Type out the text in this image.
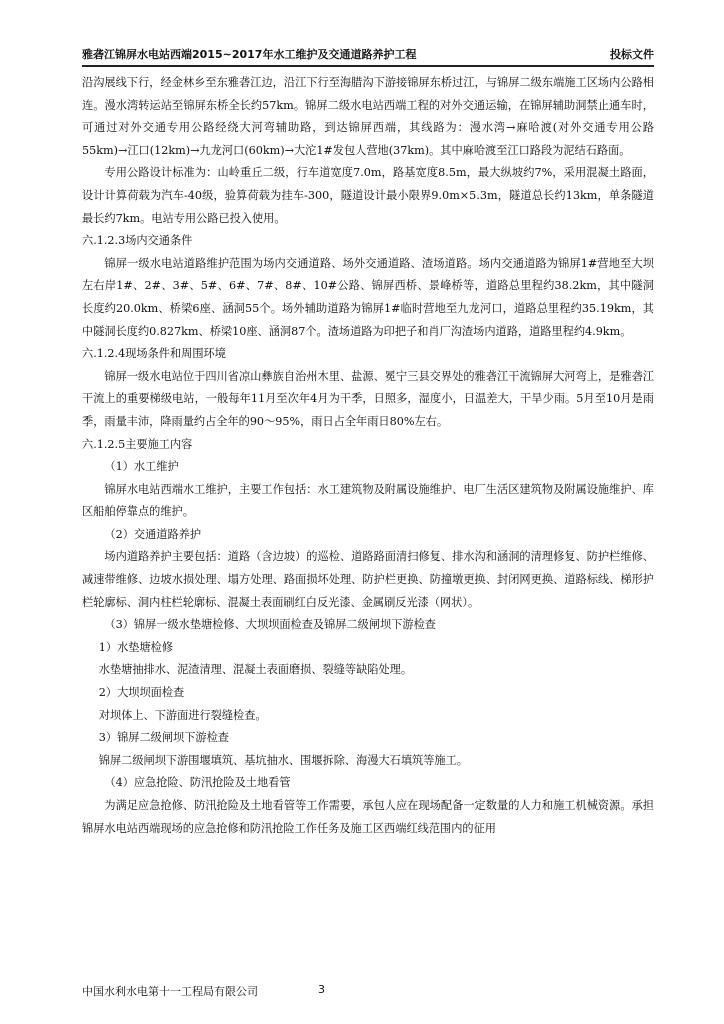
雅砻江锦屏水电站西端2015~2017年水工维护及交通道路养护工程	投标文件

沿沟展线下行，经金林乡至东雅砻江边，沿江下行至海腊沟下游接锦屏东桥过江，与锦屏二级东端施工区场内公路相连。漫水湾转运站至锦屏东桥全长约57km。锦屏二级水电站西端工程的对外交通运输，在锦屏辅助洞禁止通车时，可通过对外交通专用公路经绕大河弯辅助路，到达锦屏西端，其线路为：漫水湾→麻哈渡(对外交通专用公路55km)→江口(12km)→九龙河口(60km)→大沱1#发包人营地(37km)。其中麻哈渡至江口路段为泥结石路面。

专用公路设计标准为：山岭重丘二级，行车道宽度7.0m，路基宽度8.5m，最大纵坡约7%，采用混凝土路面，设计计算荷载为汽车-40级，验算荷载为挂车-300，隧道设计最小限界9.0m×5.3m，隧道总长约13km，单条隧道最长约7km。电站专用公路已投入使用。

六.1.2.3场内交通条件

锦屏一级水电站道路维护范围为场内交通道路、场外交通道路、渣场道路。场内交通道路为锦屏1#营地至大坝左右岸1#、2#、3#、5#、6#、7#、8#、10#公路、锦屏西桥、景峰桥等，道路总里程约38.2km，其中隧洞长度约20.0km、桥梁6座、涵洞55个。场外辅助道路为锦屏1#临时营地至九龙河口，道路总里程约35.19km，其中隧洞长度约0.827km、桥梁10座、涵洞87个。渣场道路为印把子和肖厂沟渣场内道路，道路里程约4.9km。

六.1.2.4现场条件和周围环境

锦屏一级水电站位于四川省凉山彝族自治州木里、盐源、冕宁三县交界处的雅砻江干流锦屏大河弯上，是雅砻江干流上的重要梯级电站，一般每年11月至次年4月为干季，日照多，湿度小，日温差大，干旱少雨。5月至10月是雨季，雨量丰沛，降雨量约占全年的90～95%，雨日占全年雨日80%左右。

六.1.2.5主要施工内容

（1）水工维护

锦屏水电站西端水工维护，主要工作包括：水工建筑物及附属设施维护、电厂生活区建筑物及附属设施维护、库区船舶停靠点的维护。

（2）交通道路养护

场内道路养护主要包括：道路（含边坡）的巡检、道路路面清扫修复、排水沟和涵洞的清理修复、防护栏维修、减速带维修、边坡水损处理、塌方处理、路面损坏处理、防护栏更换、防撞墩更换、封闭网更换、道路标线、梯形护栏轮廓标、洞内柱栏轮廓标、混凝土表面刷红白反光漆、金属刷反光漆（网状）。

（3）锦屏一级水垫塘检修、大坝坝面检查及锦屏二级闸坝下游检查

1）水垫塘检修

水垫塘抽排水、泥渣清理、混凝土表面磨损、裂缝等缺陷处理。

2）大坝坝面检查

对坝体上、下游面进行裂缝检查。

3）锦屏二级闸坝下游检查

锦屏二级闸坝下游围堰填筑、基坑抽水、围堰拆除、海漫大石填筑等施工。

（4）应急抢险、防汛抢险及土地看管

为满足应急抢修、防汛抢险及土地看管等工作需要，承包人应在现场配备一定数量的人力和施工机械资源。承担锦屏水电站西端现场的应急抢修和防汛抢险工作任务及施工区西端红线范围内的征用

中国水利水电第十一工程局有限公司	3
